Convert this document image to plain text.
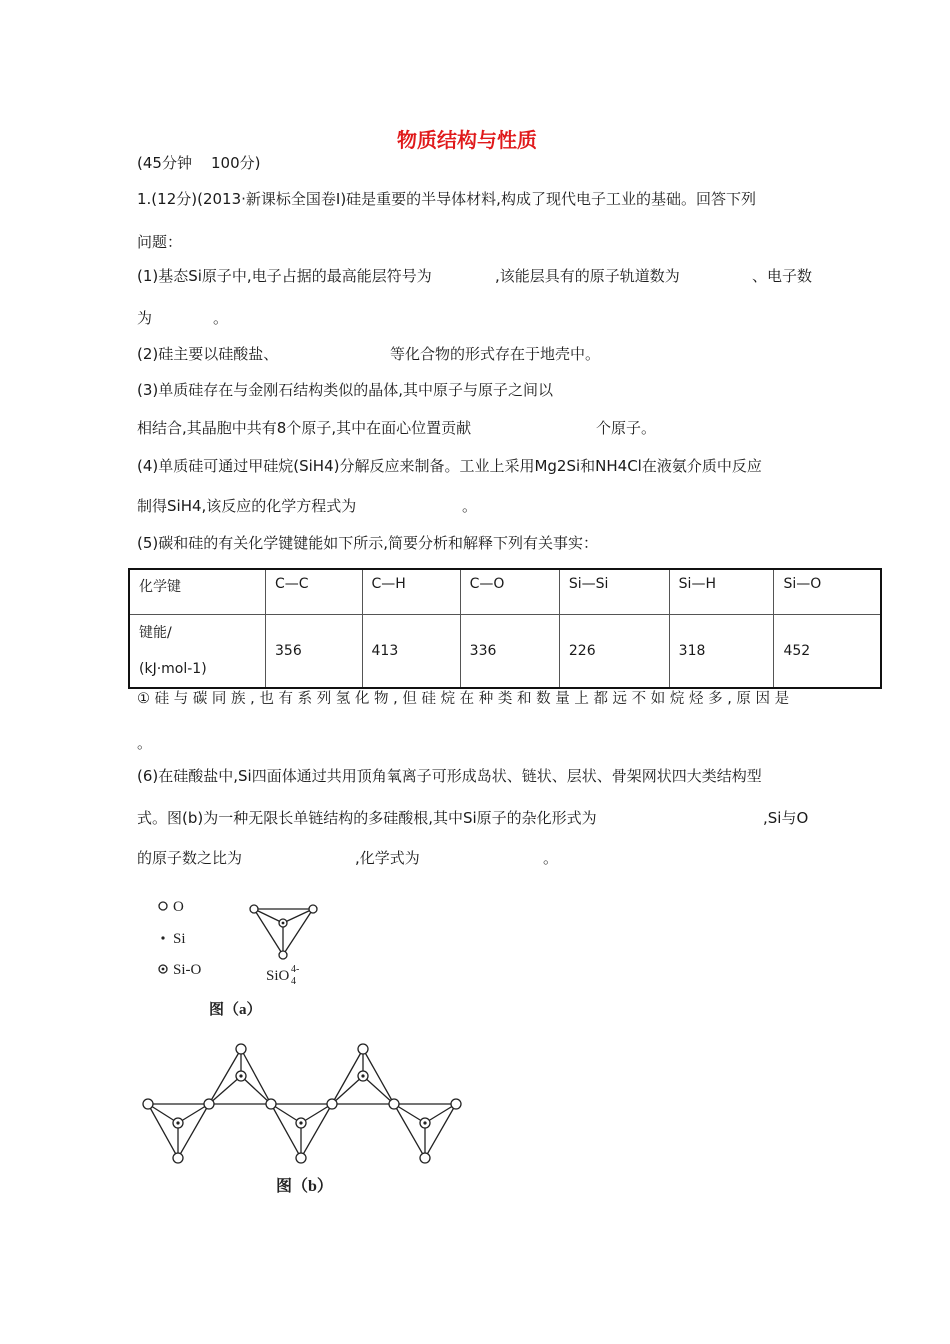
物质结构与性质
(45分钟    100分)
1.(12分)(2013·新课标全国卷Ⅰ)硅是重要的半导体材料,构成了现代电子工业的基础。回答下列
问题：
(1)基态Si原子中,电子占据的最高能层符号为	,该能层具有的原子轨道数为	、电子数
为	。
(2)硅主要以硅酸盐、	等化合物的形式存在于地壳中。
(3)单质硅存在与金刚石结构类似的晶体,其中原子与原子之间以
相结合,其晶胞中共有8个原子,其中在面心位置贡献	个原子。
(4)单质硅可通过甲硅烷(SiH4)分解反应来制备。工业上采用Mg2Si和NH4Cl在液氨介质中反应
制得SiH4,该反应的化学方程式为	。
(5)碳和硅的有关化学键键能如下所示,简要分析和解释下列有关事实：
化学键	C—C	C—H	C—O	Si—Si	Si—H	Si—O

键能/
(kJ·mol-1)	356	413	336	226	318	452
① 硅 与 碳 同 族 , 也 有 系 列 氢 化 物 , 但 硅 烷 在 种 类 和 数 量 上 都 远 不 如 烷 烃 多 , 原 因 是
。
(6)在硅酸盐中,Si四面体通过共用顶角氧离子可形成岛状、链状、层状、骨架网状四大类结构型
式。图(b)为一种无限长单链结构的多硅酸根,其中Si原子的杂化形式为	,Si与O
的原子数之比为	,化学式为	。
O
Si
Si-O	SiO 4
4-
图（a）
图（b）
